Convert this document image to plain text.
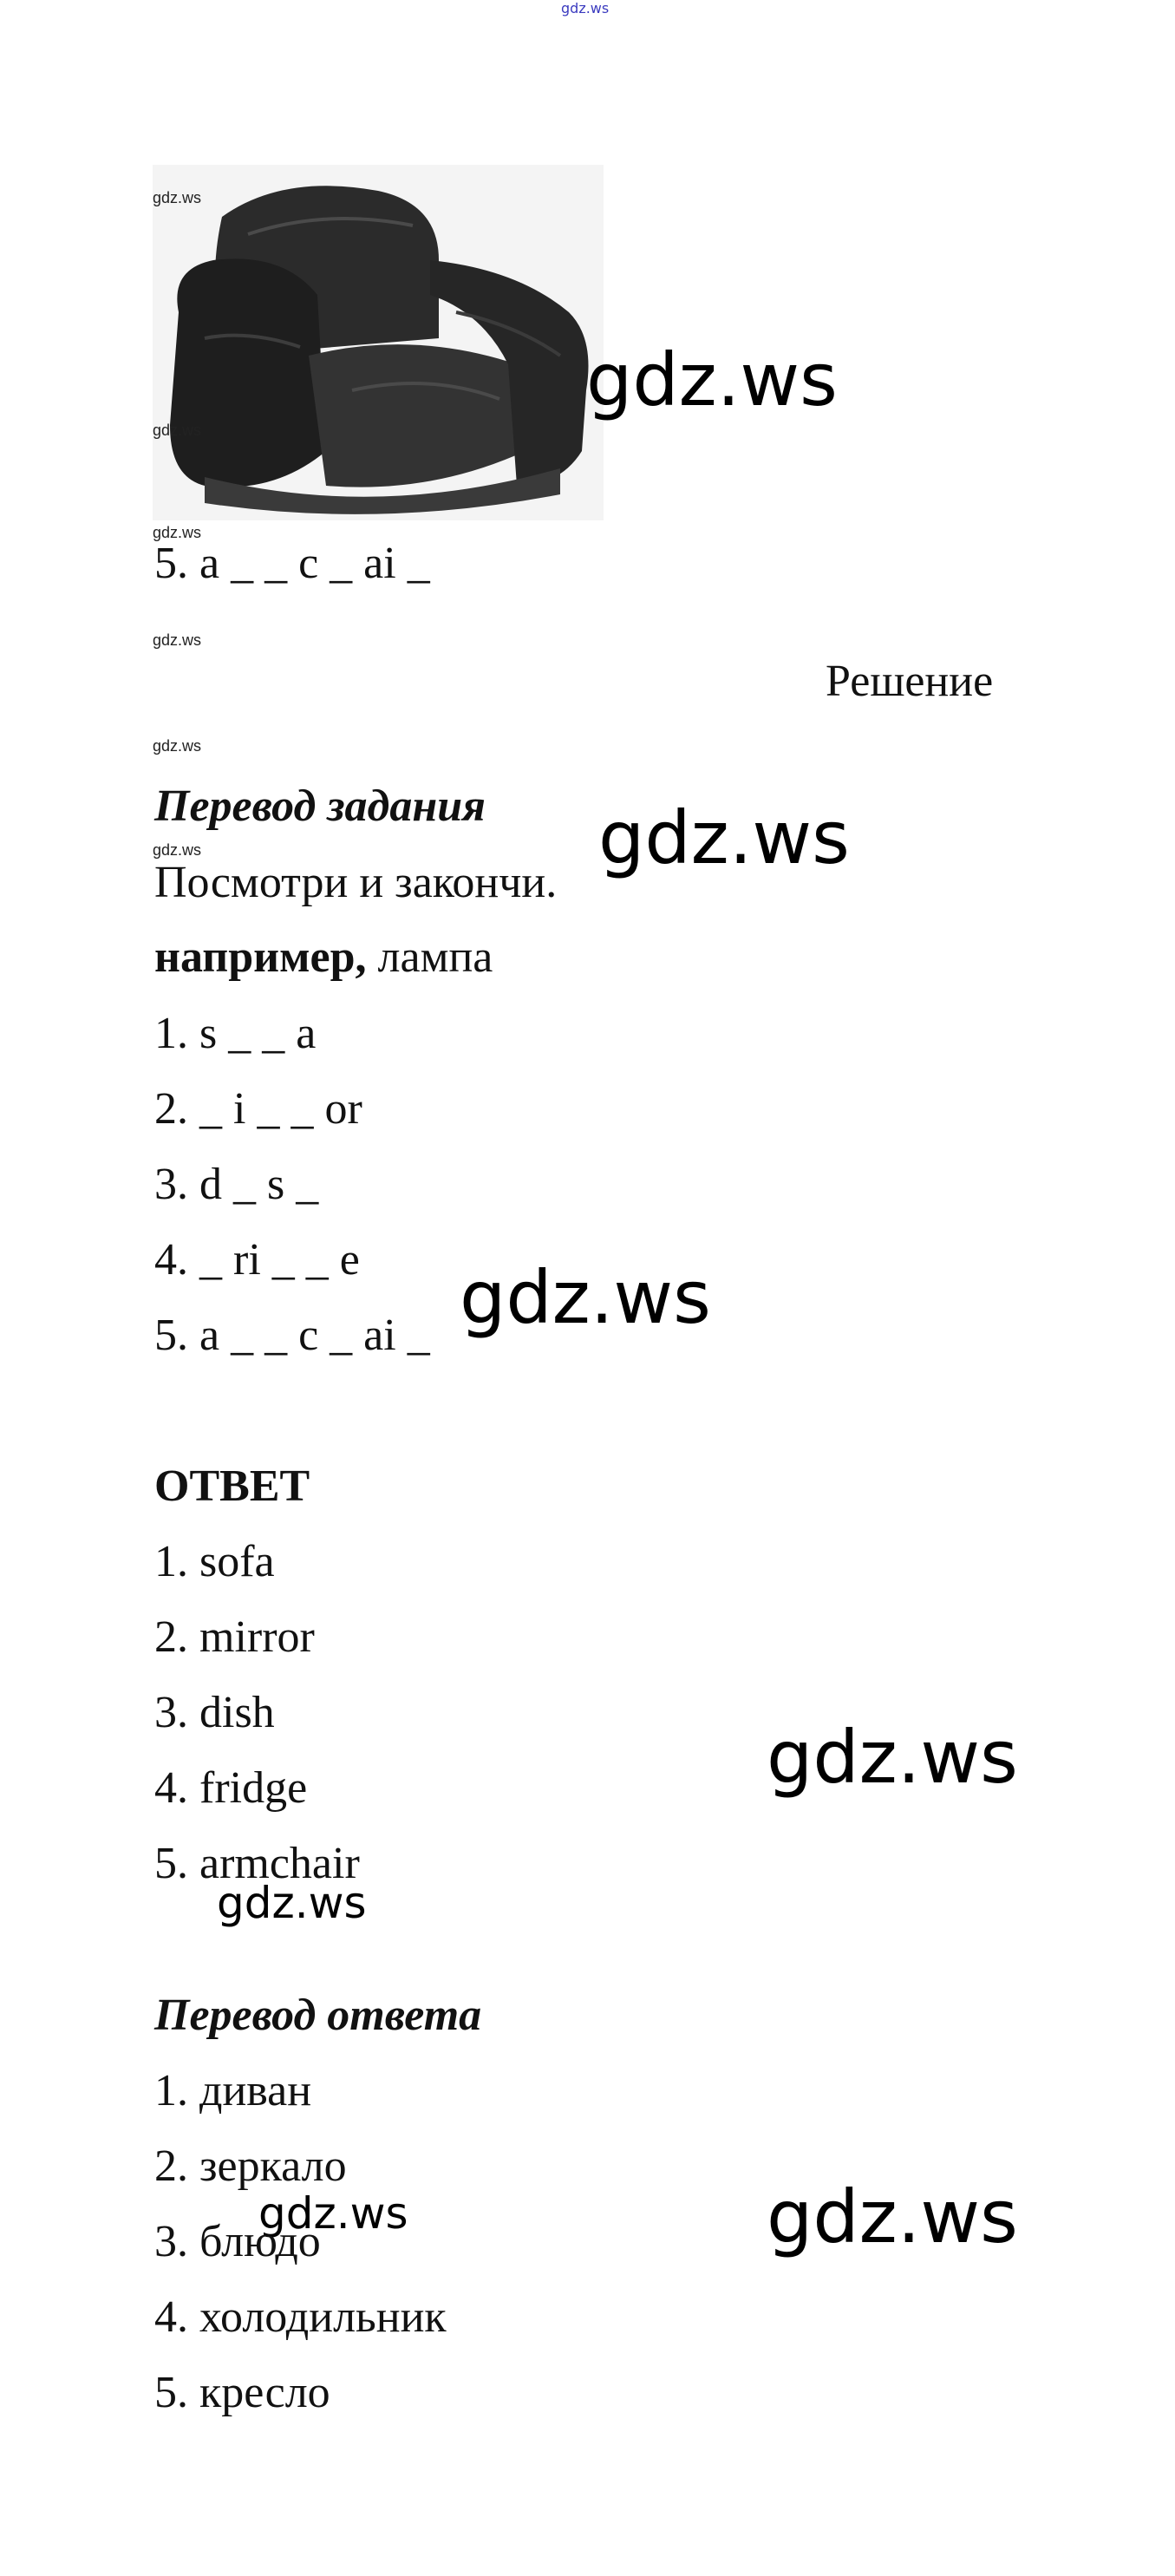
gdz.ws
gdz.ws
gdz.ws
gdz.ws
gdz.ws
gdz.ws
gdz.ws
gdz.ws
gdz.ws
gdz.ws
gdz.ws
gdz.ws
gdz.ws
gdz.ws
5. a _ _ c _ ai _
Решение
Перевод задания
Посмотри и закончи.
например, лампа
1. s _ _ a
2. _ i _ _ or
3. d _ s _
4. _ ri _ _ e
5. a _ _ c _ ai _
ОТВЕТ
1. sofa
2. mirror
3. dish
4. fridge
5. armchair
Перевод ответа
1. диван
2. зеркало
3. блюдо
4. холодильник
5. кресло
